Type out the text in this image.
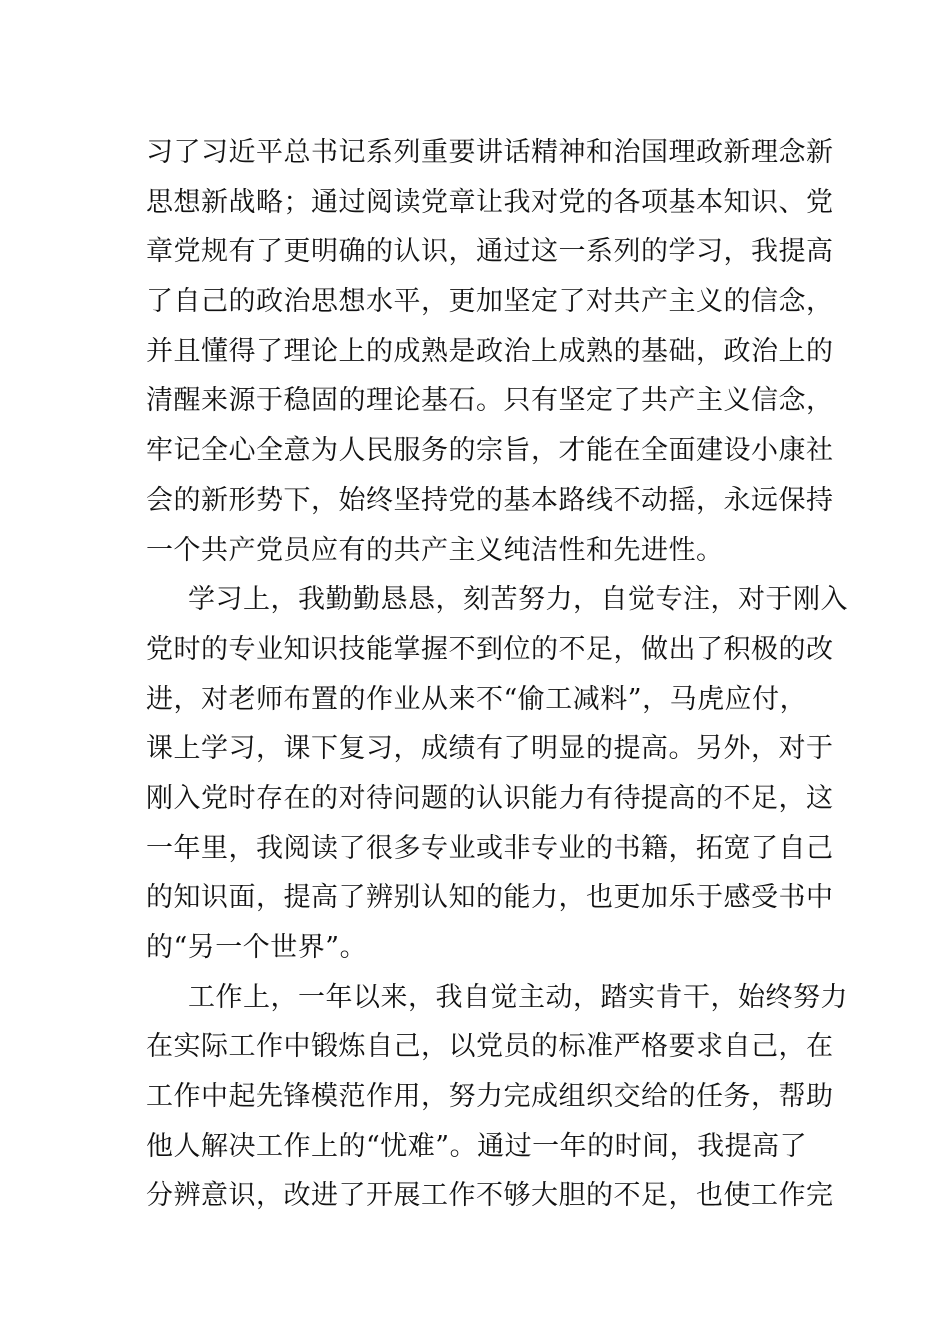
习了习近平总书记系列重要讲话精神和治国理政新理念新
思想新战略；通过阅读党章让我对党的各项基本知识、党
章党规有了更明确的认识，通过这一系列的学习，我提高
了自己的政治思想水平，更加坚定了对共产主义的信念，
并且懂得了理论上的成熟是政治上成熟的基础，政治上的
清醒来源于稳固的理论基石。只有坚定了共产主义信念，
牢记全心全意为人民服务的宗旨，才能在全面建设小康社
会的新形势下，始终坚持党的基本路线不动摇，永远保持
一个共产党员应有的共产主义纯洁性和先进性。
学习上，我勤勤恳恳，刻苦努力，自觉专注，对于刚入
党时的专业知识技能掌握不到位的不足，做出了积极的改
进，对老师布置的作业从来不“偷工减料”，马虎应付，
课上学习，课下复习，成绩有了明显的提高。另外，对于
刚入党时存在的对待问题的认识能力有待提高的不足，这
一年里，我阅读了很多专业或非专业的书籍，拓宽了自己
的知识面，提高了辨别认知的能力，也更加乐于感受书中
的“另一个世界”。
工作上，一年以来，我自觉主动，踏实肯干，始终努力
在实际工作中锻炼自己，以党员的标准严格要求自己，在
工作中起先锋模范作用，努力完成组织交给的任务，帮助
他人解决工作上的“忧难”。通过一年的时间，我提高了
分辨意识，改进了开展工作不够大胆的不足，也使工作完
